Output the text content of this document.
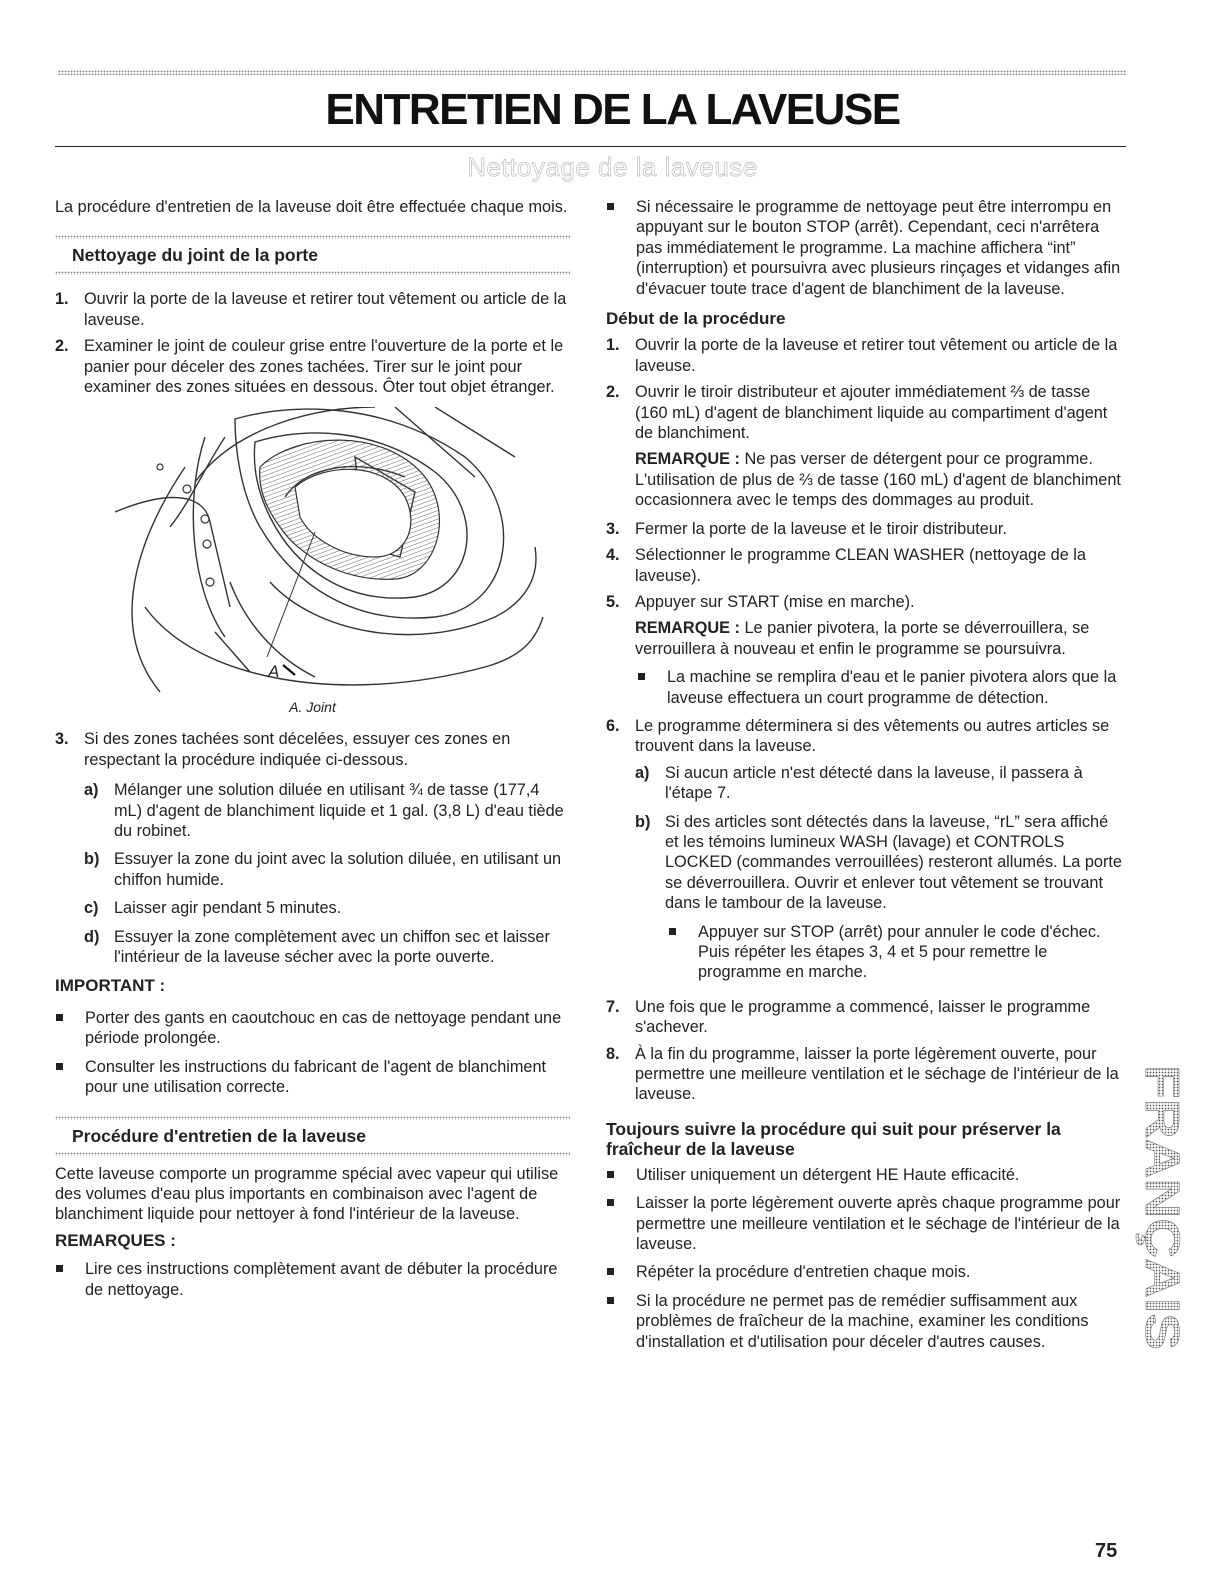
ENTRETIEN DE LA LAVEUSE
Nettoyage de la laveuse

La procédure d'entretien de la laveuse doit être effectuée chaque mois.

Nettoyage du joint de la porte
1. Ouvrir la porte de la laveuse et retirer tout vêtement ou article de la laveuse.
2. Examiner le joint de couleur grise entre l'ouverture de la porte et le panier pour déceler des zones tachées. Tirer sur le joint pour examiner des zones situées en dessous. Ôter tout objet étranger.
A
A. Joint
3. Si des zones tachées sont décelées, essuyer ces zones en respectant la procédure indiquée ci-dessous.
a) Mélanger une solution diluée en utilisant ¾ de tasse (177,4 mL) d'agent de blanchiment liquide et 1 gal. (3,8 L) d'eau tiède du robinet.
b) Essuyer la zone du joint avec la solution diluée, en utilisant un chiffon humide.
c) Laisser agir pendant 5 minutes.
d) Essuyer la zone complètement avec un chiffon sec et laisser l'intérieur de la laveuse sécher avec la porte ouverte.

IMPORTANT :

Porter des gants en caoutchouc en cas de nettoyage pendant une période prolongée.
Consulter les instructions du fabricant de l'agent de blanchiment pour une utilisation correcte.
Procédure d'entretien de la laveuse

Cette laveuse comporte un programme spécial avec vapeur qui utilise des volumes d'eau plus importants en combinaison avec l'agent de blanchiment liquide pour nettoyer à fond l'intérieur de la laveuse.

REMARQUES :

Lire ces instructions complètement avant de débuter la procédure de nettoyage.
Si nécessaire le programme de nettoyage peut être interrompu en appuyant sur le bouton STOP (arrêt). Cependant, ceci n'arrêtera pas immédiatement le programme. La machine affichera “int” (interruption) et poursuivra avec plusieurs rinçages et vidanges afin d'évacuer toute trace d'agent de blanchiment de la laveuse.

Début de la procédure

1. Ouvrir la porte de la laveuse et retirer tout vêtement ou article de la laveuse.
2. Ouvrir le tiroir distributeur et ajouter immédiatement ⅔ de tasse (160 mL) d'agent de blanchiment liquide au compartiment d'agent de blanchiment.
REMARQUE : Ne pas verser de détergent pour ce programme. L'utilisation de plus de ⅔ de tasse (160 mL) d'agent de blanchiment occasionnera avec le temps des dommages au produit.
3. Fermer la porte de la laveuse et le tiroir distributeur.
4. Sélectionner le programme CLEAN WASHER (nettoyage de la laveuse).
5. Appuyer sur START (mise en marche).
REMARQUE : Le panier pivotera, la porte se déverrouillera, se verrouillera à nouveau et enfin le programme se poursuivra.
La machine se remplira d'eau et le panier pivotera alors que la laveuse effectuera un court programme de détection.
6. Le programme déterminera si des vêtements ou autres articles se trouvent dans la laveuse.
a) Si aucun article n'est détecté dans la laveuse, il passera à l'étape 7.
b) Si des articles sont détectés dans la laveuse, “rL” sera affiché et les témoins lumineux WASH (lavage) et CONTROLS LOCKED (commandes verrouillées) resteront allumés. La porte se déverrouillera. Ouvrir et enlever tout vêtement se trouvant dans le tambour de la laveuse.
Appuyer sur STOP (arrêt) pour annuler le code d'échec. Puis répéter les étapes 3, 4 et 5 pour remettre le programme en marche.
7. Une fois que le programme a commencé, laisser le programme s'achever.
8. À la fin du programme, laisser la porte légèrement ouverte, pour permettre une meilleure ventilation et le séchage de l'intérieur de la laveuse.

Toujours suivre la procédure qui suit pour préserver la fraîcheur de la laveuse

Utiliser uniquement un détergent HE Haute efficacité.
Laisser la porte légèrement ouverte après chaque programme pour permettre une meilleure ventilation et le séchage de l'intérieur de la laveuse.
Répéter la procédure d'entretien chaque mois.
Si la procédure ne permet pas de remédier suffisamment aux problèmes de fraîcheur de la machine, examiner les conditions d'installation et d'utilisation pour déceler d'autres causes.
FRANÇAIS
75
